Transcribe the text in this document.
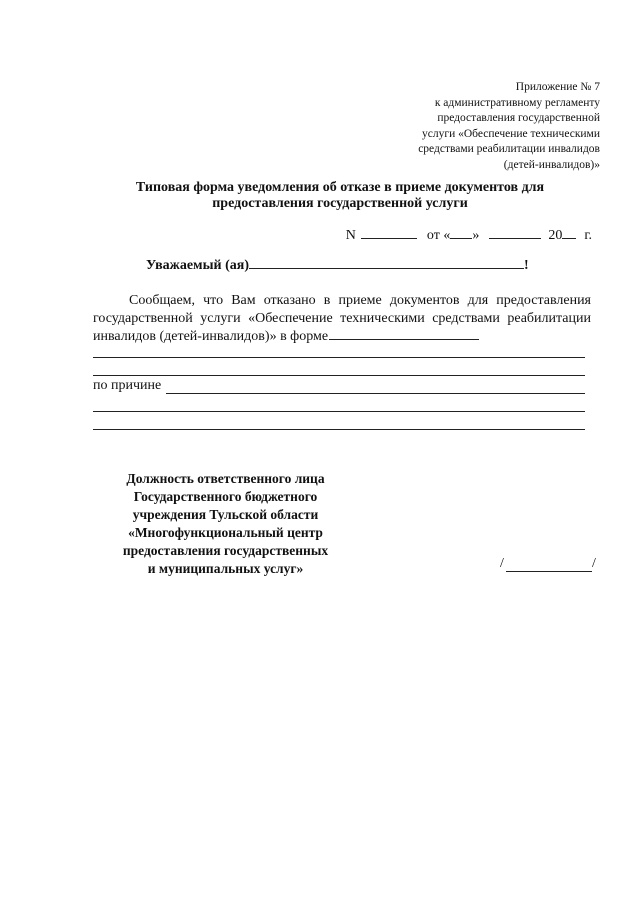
Приложение № 7
к административному регламенту
предоставления государственной
услуги «Обеспечение техническими
средствами реабилитации инвалидов
(детей-инвалидов)»
Типовая форма уведомления об отказе в приеме документов для
предоставления государственной услуги
N	от « »	20 г.
Уважаемый (ая)	!
Сообщаем, что Вам отказано в приеме документов для предоставления государственной услуги «Обеспечение техническими средствами реабилитации инвалидов (детей-инвалидов)» в форме
по причине
Должность ответственного лица
Государственного бюджетного
учреждения Тульской области
«Многофункциональный центр
предоставления государственных
и муниципальных услуг»	/	/
